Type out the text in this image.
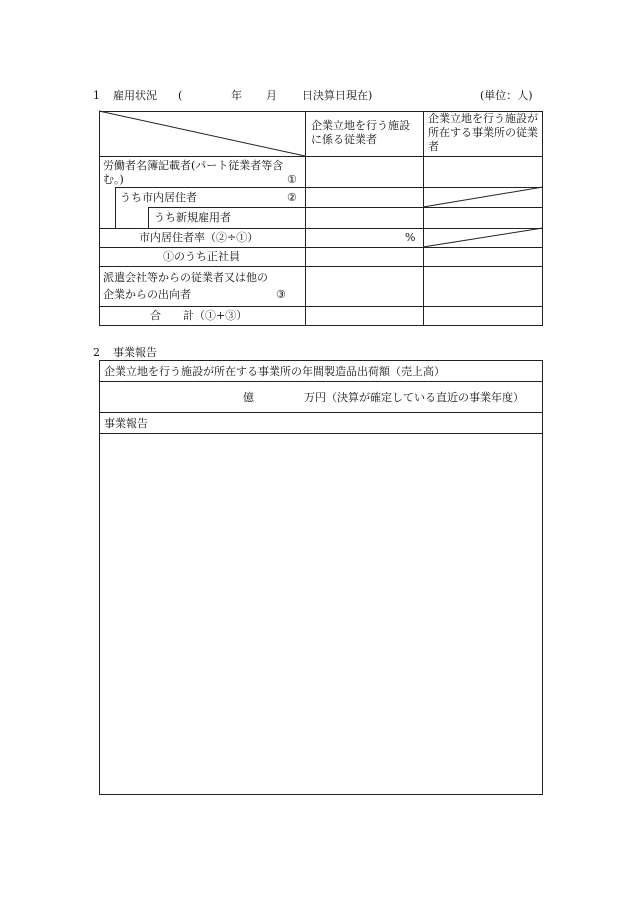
1 雇用状況 (	年 月 日決算日現在)	(単位：人)
企業立地を行う施設に係る従業者
企業立地を行う施設が所在する事業所の従業者
労働者名簿記載者(パート従業者等含
む。)	①
うち市内居住者	②
うち新規雇用者
市内居住者率（②÷①）	%
①のうち正社員
派遣会社等からの従業者又は他の
企業からの出向者	③
合　　計（①+③）
2 事業報告
企業立地を行う施設が所在する事業所の年間製造品出荷額（売上高）
億	万円（決算が確定している直近の事業年度）
事業報告
